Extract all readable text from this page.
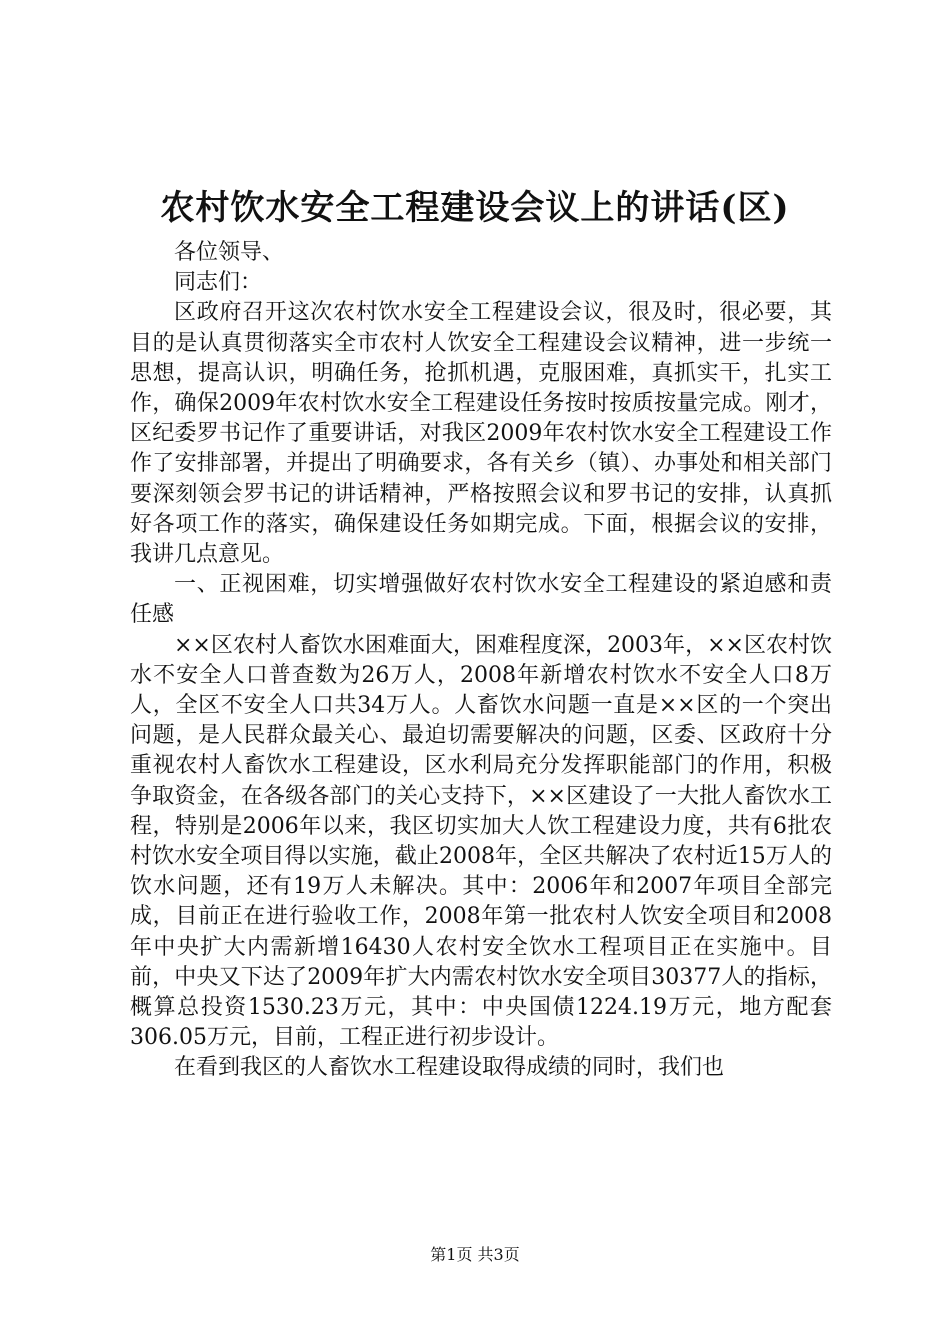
农村饮水安全工程建设会议上的讲话(区)

各位领导、

同志们：

区政府召开这次农村饮水安全工程建设会议，很及时，很必要，其目的是认真贯彻落实全市农村人饮安全工程建设会议精神，进一步统一思想，提高认识，明确任务，抢抓机遇，克服困难，真抓实干，扎实工作，确保2009年农村饮水安全工程建设任务按时按质按量完成。刚才，区纪委罗书记作了重要讲话，对我区2009年农村饮水安全工程建设工作作了安排部署，并提出了明确要求，各有关乡（镇）、办事处和相关部门要深刻领会罗书记的讲话精神，严格按照会议和罗书记的安排，认真抓好各项工作的落实，确保建设任务如期完成。下面，根据会议的安排，我讲几点意见。

一、正视困难，切实增强做好农村饮水安全工程建设的紧迫感和责任感

××区农村人畜饮水困难面大，困难程度深，2003年，××区农村饮水不安全人口普查数为26万人，2008年新增农村饮水不安全人口8万人，全区不安全人口共34万人。人畜饮水问题一直是××区的一个突出问题，是人民群众最关心、最迫切需要解决的问题，区委、区政府十分重视农村人畜饮水工程建设，区水利局充分发挥职能部门的作用，积极争取资金，在各级各部门的关心支持下，××区建设了一大批人畜饮水工程，特别是2006年以来，我区切实加大人饮工程建设力度，共有6批农村饮水安全项目得以实施，截止2008年，全区共解决了农村近15万人的饮水问题，还有19万人未解决。其中：2006年和2007年项目全部完成，目前正在进行验收工作，2008年第一批农村人饮安全项目和2008年中央扩大内需新增16430人农村安全饮水工程项目正在实施中。目前，中央又下达了2009年扩大内需农村饮水安全项目30377人的指标，概算总投资1530.23万元，其中：中央国债1224.19万元，地方配套306.05万元，目前，工程正进行初步设计。

在看到我区的人畜饮水工程建设取得成绩的同时，我们也

第1页 共3页
